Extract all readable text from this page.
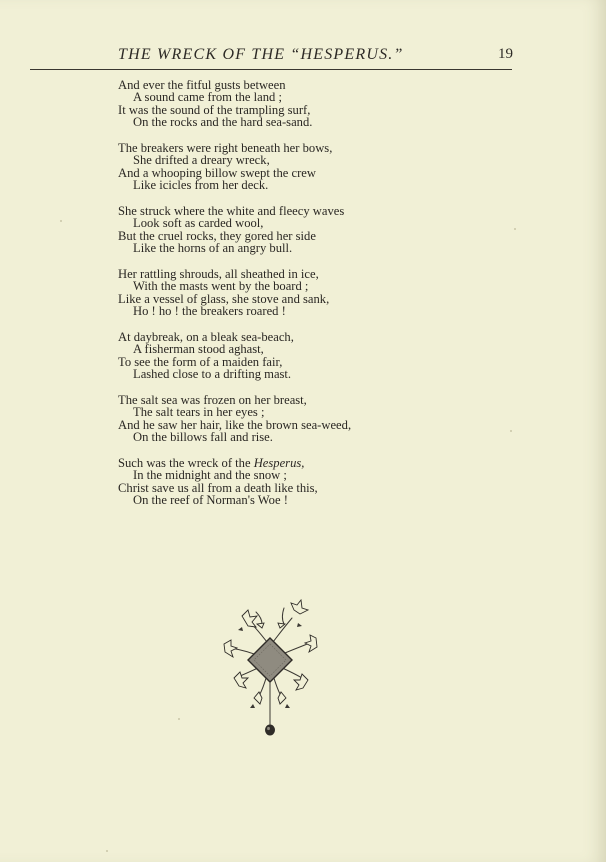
THE WRECK OF THE “HESPERUS.”	19
And ever the fitful gusts between
A sound came from the land ;
It was the sound of the trampling surf,
On the rocks and the hard sea-sand.
The breakers were right beneath her bows,
She drifted a dreary wreck,
And a whooping billow swept the crew
Like icicles from her deck.
She struck where the white and fleecy waves
Look soft as carded wool,
But the cruel rocks, they gored her side
Like the horns of an angry bull.
Her rattling shrouds, all sheathed in ice,
With the masts went by the board ;
Like a vessel of glass, she stove and sank,
Ho ! ho ! the breakers roared !
At daybreak, on a bleak sea-beach,
A fisherman stood aghast,
To see the form of a maiden fair,
Lashed close to a drifting mast.
The salt sea was frozen on her breast,
The salt tears in her eyes ;
And he saw her hair, like the brown sea-weed,
On the billows fall and rise.
Such was the wreck of the Hesperus,
In the midnight and the snow ;
Christ save us all from a death like this,
On the reef of Norman's Woe !
